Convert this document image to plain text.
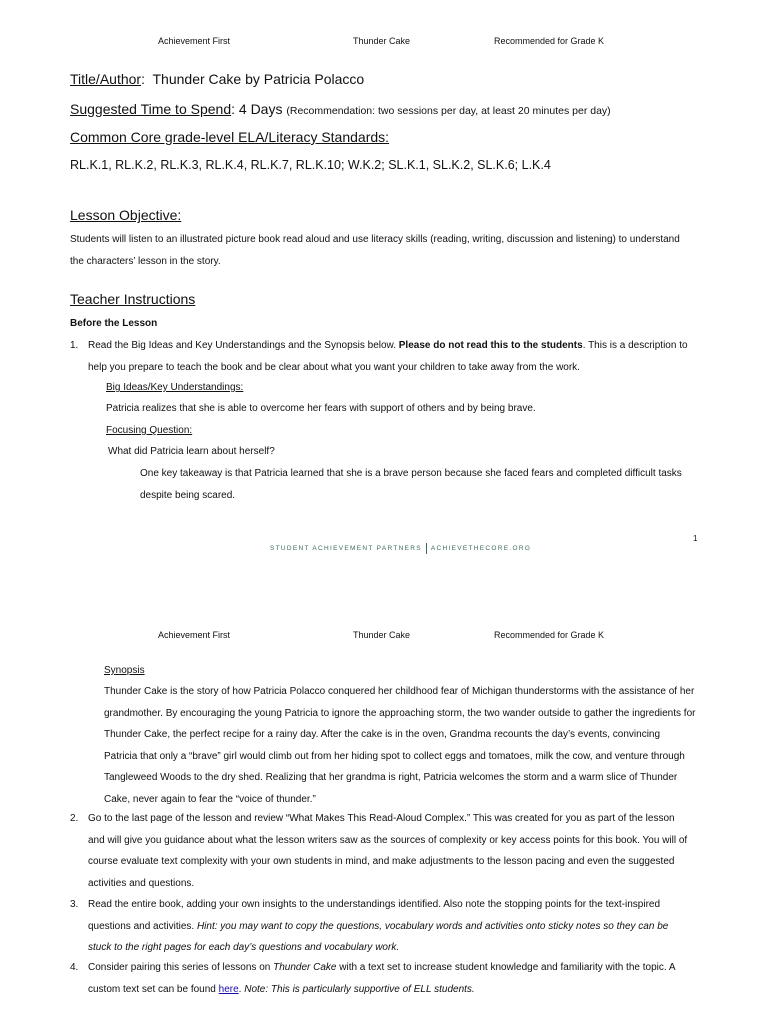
Achievement First	Thunder Cake	Recommended for Grade K
Title/Author: Thunder Cake by Patricia Polacco
Suggested Time to Spend: 4 Days (Recommendation: two sessions per day, at least 20 minutes per day)
Common Core grade-level ELA/Literacy Standards:
RL.K.1, RL.K.2, RL.K.3, RL.K.4, RL.K.7, RL.K.10; W.K.2; SL.K.1, SL.K.2, SL.K.6; L.K.4
Lesson Objective:
Students will listen to an illustrated picture book read aloud and use literacy skills (reading, writing, discussion and listening) to understand the characters’ lesson in the story.
Teacher Instructions
Before the Lesson
1. Read the Big Ideas and Key Understandings and the Synopsis below. Please do not read this to the students. This is a description to help you prepare to teach the book and be clear about what you want your children to take away from the work.
Big Ideas/Key Understandings:
Patricia realizes that she is able to overcome her fears with support of others and by being brave.
Focusing Question:
What did Patricia learn about herself?
One key takeaway is that Patricia learned that she is a brave person because she faced fears and completed difficult tasks despite being scared.
STUDENT ACHIEVEMENT PARTNERS ACHIEVETHECORE.ORG
1
Achievement First	Thunder Cake	Recommended for Grade K
Synopsis
Thunder Cake is the story of how Patricia Polacco conquered her childhood fear of Michigan thunderstorms with the assistance of her grandmother. By encouraging the young Patricia to ignore the approaching storm, the two wander outside to gather the ingredients for Thunder Cake, the perfect recipe for a rainy day. After the cake is in the oven, Grandma recounts the day’s events, convincing Patricia that only a “brave” girl would climb out from her hiding spot to collect eggs and tomatoes, milk the cow, and venture through Tangleweed Woods to the dry shed. Realizing that her grandma is right, Patricia welcomes the storm and a warm slice of Thunder Cake, never again to fear the “voice of thunder.”
2. Go to the last page of the lesson and review “What Makes This Read-Aloud Complex.” This was created for you as part of the lesson and will give you guidance about what the lesson writers saw as the sources of complexity or key access points for this book. You will of course evaluate text complexity with your own students in mind, and make adjustments to the lesson pacing and even the suggested activities and questions.
3. Read the entire book, adding your own insights to the understandings identified. Also note the stopping points for the text-inspired questions and activities. Hint: you may want to copy the questions, vocabulary words and activities onto sticky notes so they can be stuck to the right pages for each day’s questions and vocabulary work.
4. Consider pairing this series of lessons on Thunder Cake with a text set to increase student knowledge and familiarity with the topic. A custom text set can be found here. Note: This is particularly supportive of ELL students.
